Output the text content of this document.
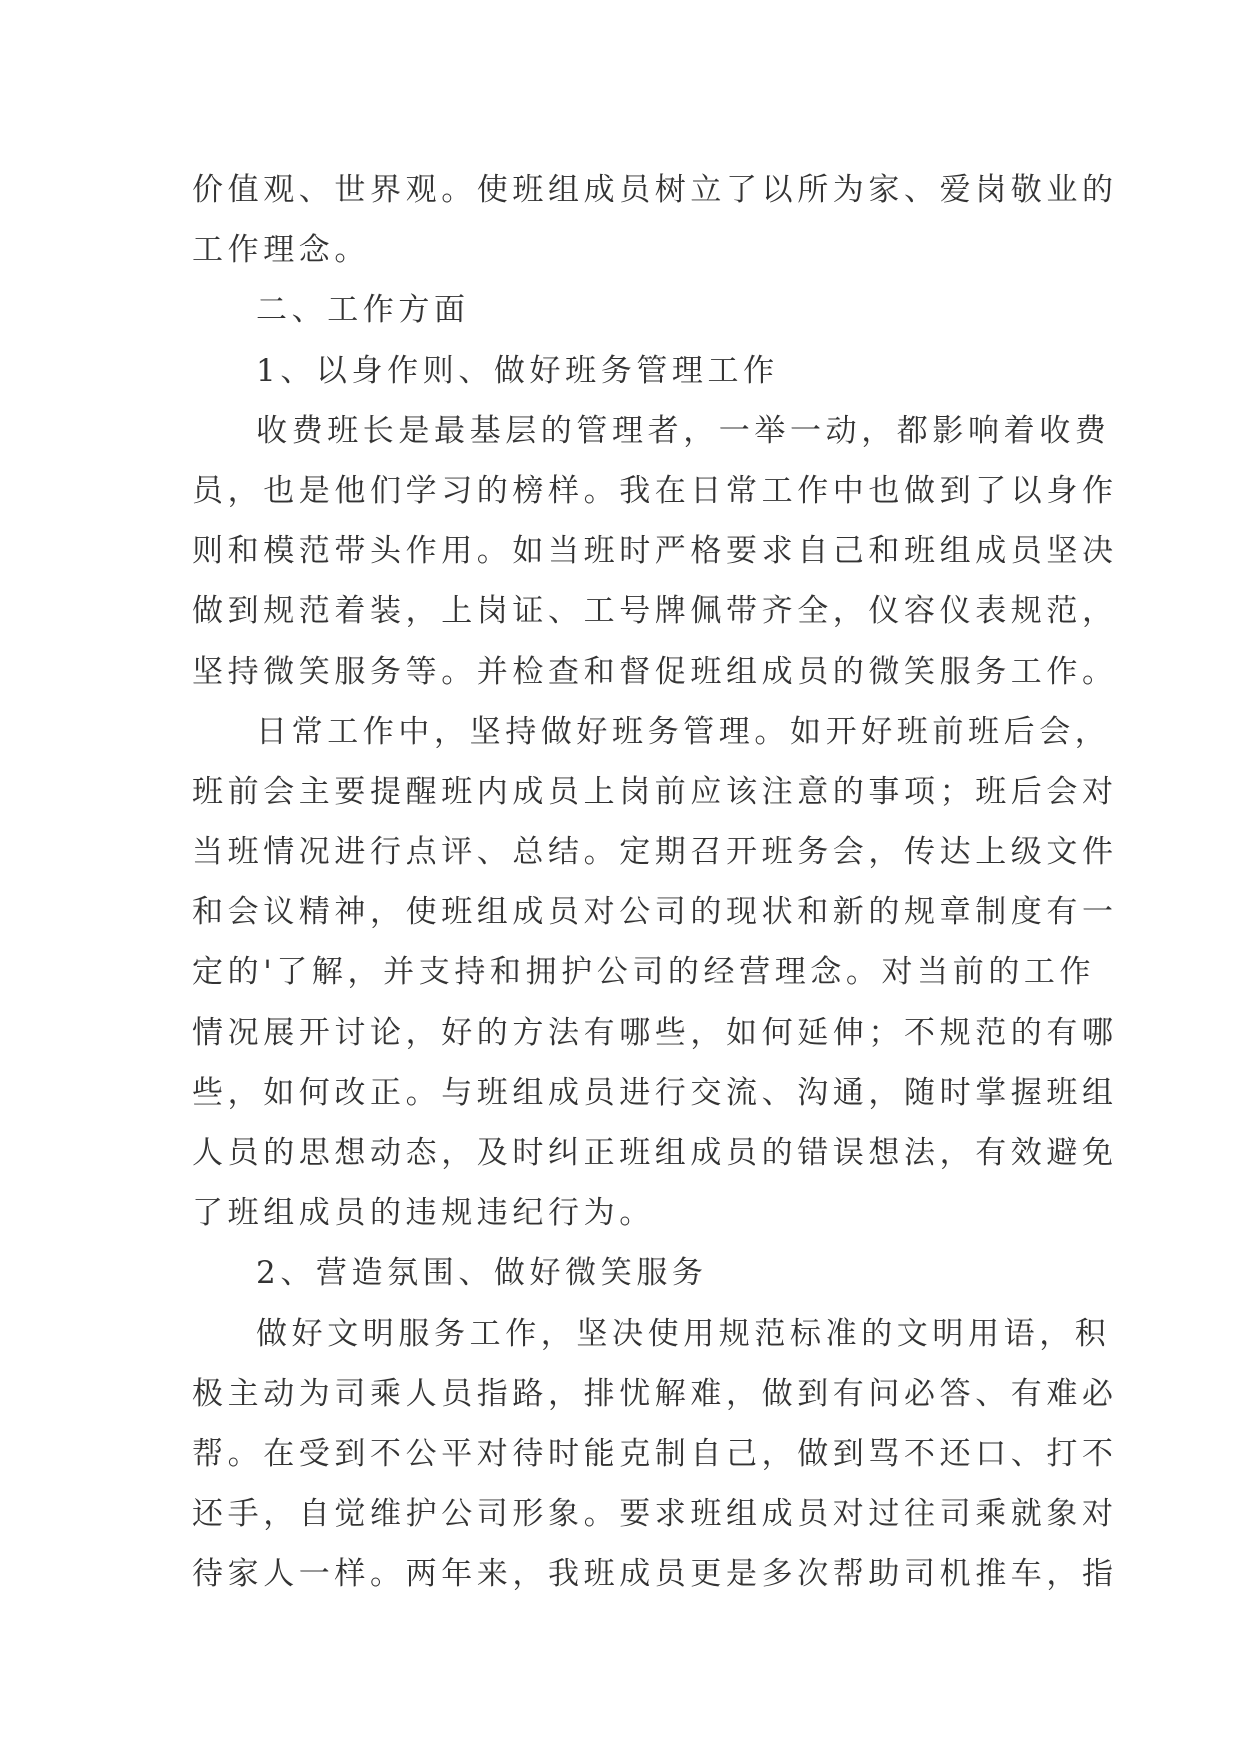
价值观、世界观。使班组成员树立了以所为家、爱岗敬业的

工作理念。

二、工作方面

1、以身作则、做好班务管理工作

收费班长是最基层的管理者，一举一动，都影响着收费

员，也是他们学习的榜样。我在日常工作中也做到了以身作

则和模范带头作用。如当班时严格要求自己和班组成员坚决

做到规范着装，上岗证、工号牌佩带齐全，仪容仪表规范，

坚持微笑服务等。并检查和督促班组成员的微笑服务工作。

日常工作中，坚持做好班务管理。如开好班前班后会，

班前会主要提醒班内成员上岗前应该注意的事项；班后会对

当班情况进行点评、总结。定期召开班务会，传达上级文件

和会议精神，使班组成员对公司的现状和新的规章制度有一

定的'了解，并支持和拥护公司的经营理念。对当前的工作

情况展开讨论，好的方法有哪些，如何延伸；不规范的有哪

些，如何改正。与班组成员进行交流、沟通，随时掌握班组

人员的思想动态，及时纠正班组成员的错误想法，有效避免

了班组成员的违规违纪行为。

2、营造氛围、做好微笑服务

做好文明服务工作，坚决使用规范标准的文明用语，积

极主动为司乘人员指路，排忧解难，做到有问必答、有难必

帮。在受到不公平对待时能克制自己，做到骂不还口、打不

还手，自觉维护公司形象。要求班组成员对过往司乘就象对

待家人一样。两年来，我班成员更是多次帮助司机推车，指
